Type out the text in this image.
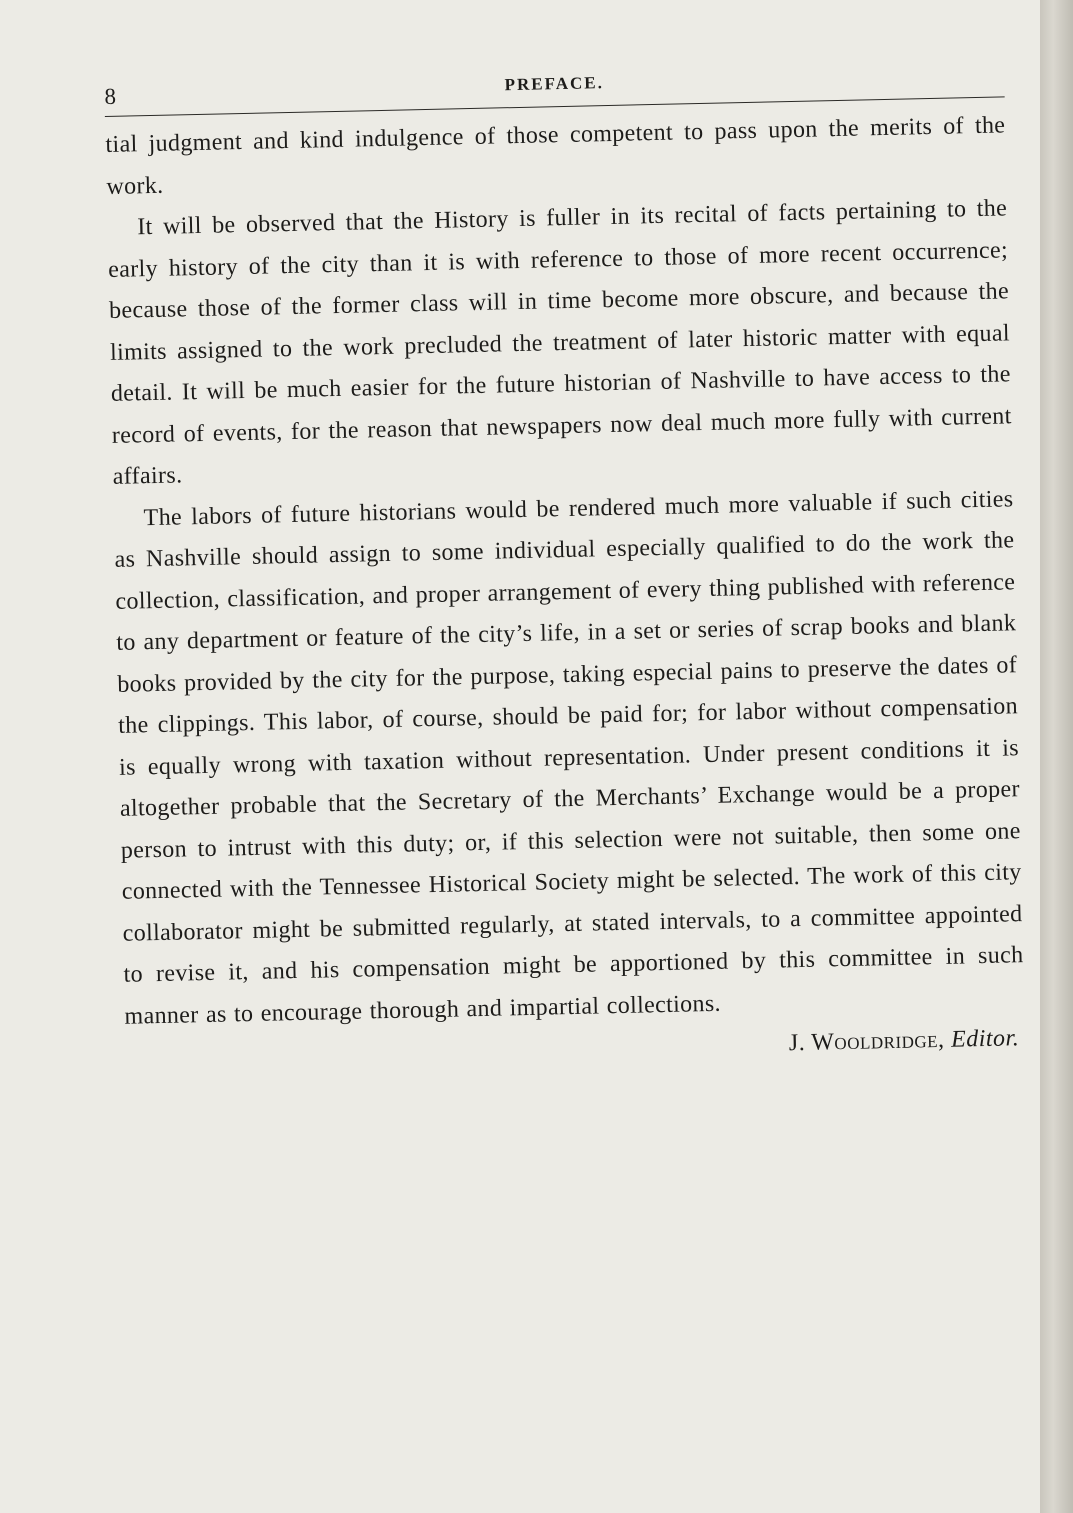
8
PREFACE.

tial judgment and kind indulgence of those competent to pass upon the merits of the work.

It will be observed that the History is fuller in its recital of facts pertaining to the early history of the city than it is with reference to those of more recent occurrence; because those of the former class will in time become more obscure, and because the limits assigned to the work precluded the treatment of later historic matter with equal detail. It will be much easier for the future historian of Nashville to have access to the record of events, for the reason that newspapers now deal much more fully with current affairs.

The labors of future historians would be rendered much more valuable if such cities as Nashville should assign to some individual especially qualified to do the work the collection, classification, and proper arrangement of every thing published with reference to any department or feature of the city’s life, in a set or series of scrap books and blank books provided by the city for the purpose, taking especial pains to preserve the dates of the clippings. This labor, of course, should be paid for; for labor without compensation is equally wrong with taxation without representation. Under present conditions it is altogether probable that the Secretary of the Merchants’ Exchange would be a proper person to intrust with this duty; or, if this selection were not suitable, then some one connected with the Tennessee Historical Society might be selected. The work of this city collaborator might be submitted regularly, at stated intervals, to a committee appointed to revise it, and his compensation might be apportioned by this committee in such manner as to encourage thorough and impartial collections.

J. Wooldridge, Editor.
